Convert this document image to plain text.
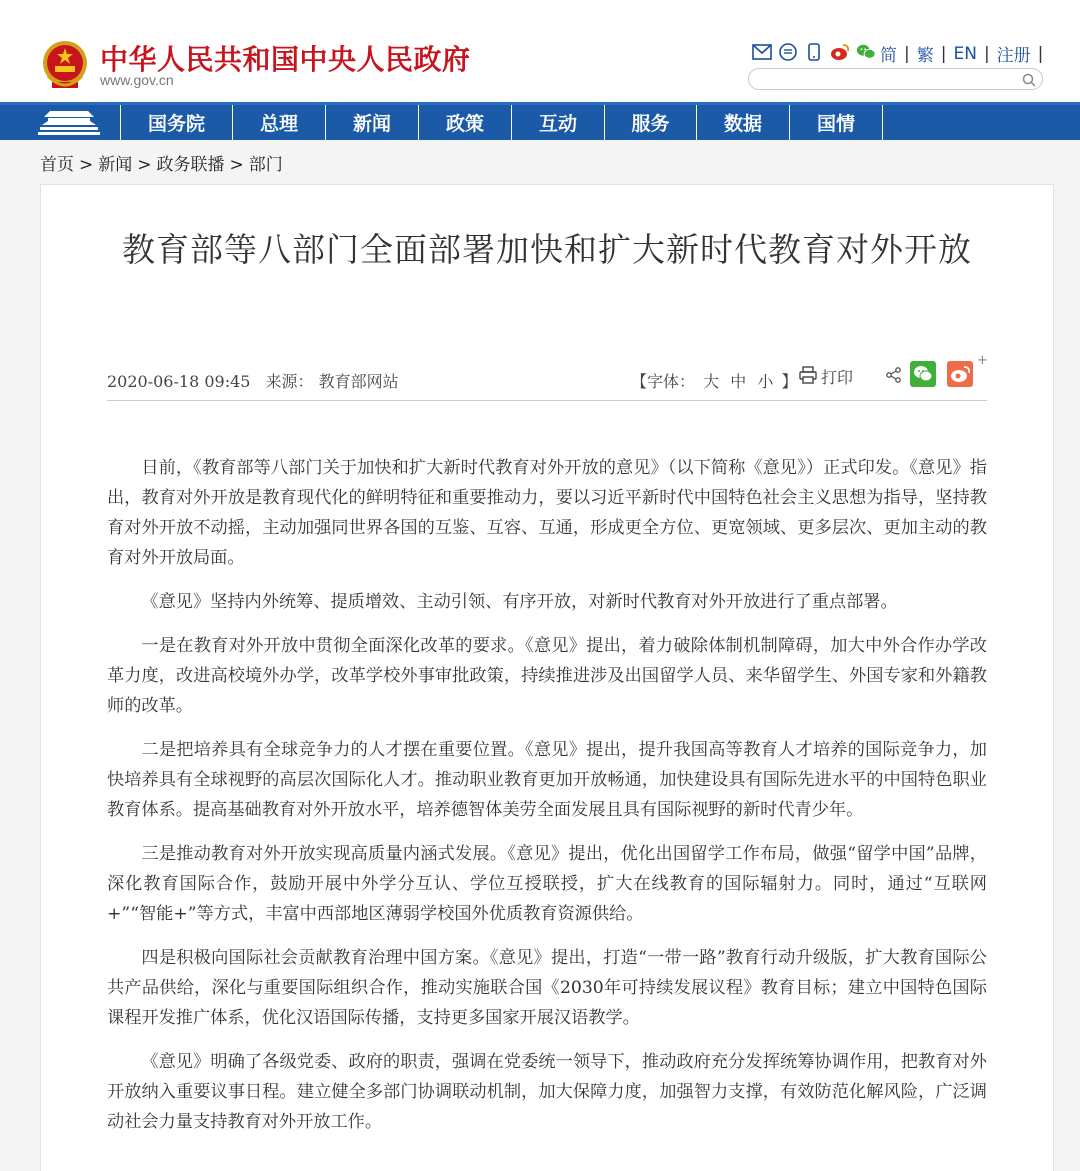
中华人民共和国中央人民政府
www.gov.cn
简 | 繁 | EN | 注册 |
国务院	总理	新闻	政策	互动	服务	数据	国情
首页 > 新闻 > 政务联播 > 部门
教育部等八部门全面部署加快和扩大新时代教育对外开放
2020-06-18 09:45 来源： 教育部网站	【字体： 大 中 小 】 打印
+

日前，《教育部等八部门关于加快和扩大新时代教育对外开放的意见》（以下简称《意见》）正式印发。《意见》指出，教育对外开放是教育现代化的鲜明特征和重要推动力，要以习近平新时代中国特色社会主义思想为指导，坚持教育对外开放不动摇，主动加强同世界各国的互鉴、互容、互通，形成更全方位、更宽领域、更多层次、更加主动的教育对外开放局面。

《意见》坚持内外统筹、提质增效、主动引领、有序开放，对新时代教育对外开放进行了重点部署。

一是在教育对外开放中贯彻全面深化改革的要求。《意见》提出，着力破除体制机制障碍，加大中外合作办学改革力度，改进高校境外办学，改革学校外事审批政策，持续推进涉及出国留学人员、来华留学生、外国专家和外籍教师的改革。

二是把培养具有全球竞争力的人才摆在重要位置。《意见》提出，提升我国高等教育人才培养的国际竞争力，加快培养具有全球视野的高层次国际化人才。推动职业教育更加开放畅通，加快建设具有国际先进水平的中国特色职业教育体系。提高基础教育对外开放水平，培养德智体美劳全面发展且具有国际视野的新时代青少年。

三是推动教育对外开放实现高质量内涵式发展。《意见》提出，优化出国留学工作布局，做强“留学中国”品牌，深化教育国际合作，鼓励开展中外学分互认、学位互授联授，扩大在线教育的国际辐射力。同时，通过“互联网+”“智能+”等方式，丰富中西部地区薄弱学校国外优质教育资源供给。

四是积极向国际社会贡献教育治理中国方案。《意见》提出，打造“一带一路”教育行动升级版，扩大教育国际公共产品供给，深化与重要国际组织合作，推动实施联合国《2030年可持续发展议程》教育目标；建立中国特色国际课程开发推广体系，优化汉语国际传播，支持更多国家开展汉语教学。

《意见》明确了各级党委、政府的职责，强调在党委统一领导下，推动政府充分发挥统筹协调作用，把教育对外开放纳入重要议事日程。建立健全多部门协调联动机制，加大保障力度，加强智力支撑，有效防范化解风险，广泛调动社会力量支持教育对外开放工作。
